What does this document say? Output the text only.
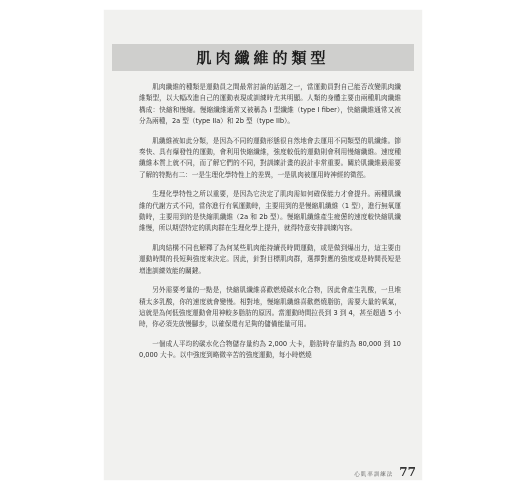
肌肉纖維的類型

肌肉纖維的種類是運動員之間最常討論的話題之一，當運動員對自己能否改變肌肉纖維類型，以大幅改進自己的運動表現或訓練時尤其明顯。人類的身體主要由兩種肌肉纖維構成：快縮和慢縮。慢縮纖維通常又被稱為 I 型纖維（type I fiber），快縮纖維通常又被分為兩種，2a 型（type IIa）和 2b 型（type IIb）。

肌纖維被如此分類，是因為不同的運動形態很自然地會去運用不同類型的肌纖維。節奏快、具有爆發性的運動，會利用快縮纖維，強度較低的運動則會利用慢縮纖維。速度種纖維本質上就不同，而了解它們的不同，對訓練計畫的設計非常重要。關於肌纖維最需要了解的特點有二：一是生理化學特性上的差異，一是肌肉被運用時神經的徵徑。

生理化學特性之所以重要，是因為它決定了肌肉需如何確保能力才會提升。兩種肌纖維的代謝方式不同，當你進行有氧運動時，主要用到的是慢縮肌纖維（1 型），進行無氧運動時，主要用到的是快縮肌纖維（2a 和 2b 型）。慢縮肌纖維產生疲憊的速度較快縮肌纖維慢，所以期望特定的肌肉群在生理化學上提升，就得特意安排訓練內容。

肌肉結構不同也解釋了為何某些肌肉能持續長時間運動，或是做到爆出力，這主要由運動時間的長短與強度來決定。因此，針對目標肌肉群，選擇對應的強度或是時間長短是增進訓練效能的關鍵。

另外需要考量的一點是，快縮肌纖維喜歡燃燒碳水化合物，因此會產生乳酸，一旦堆積太多乳酸，你的速度就會變慢。相對地，慢縮肌纖維喜歡燃燒脂肪，需要大量的氧氣，這就是為何低強度運動會用神較多脂肪的原因。當運動時間拉長到 3 到 4，甚至超過 5 小時，你必須先放慢腳步，以確保還有足夠的儲備能量可用。

一個成人平均的碳水化合物儲存量約為 2,000 大卡，脂肪時存量約為 80,000 到 100,000 大卡。以中強度到略微辛苦的強度運動，每小時燃燒

心肌率訓練法 77
